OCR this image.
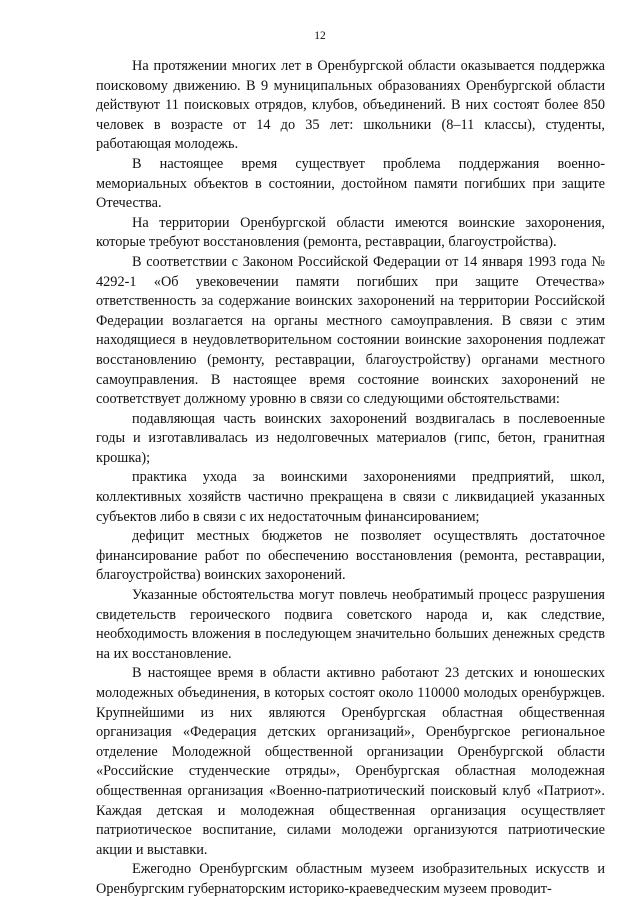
12

На протяжении многих лет в Оренбургской области оказывается поддержка поисковому движению. В 9 муниципальных образованиях Оренбургской области действуют 11 поисковых отрядов, клубов, объединений. В них состоят более 850 человек в возрасте от 14 до 35 лет: школьники (8–11 классы), студенты, работающая молодежь.

В настоящее время существует проблема поддержания военно-мемориальных объектов в состоянии, достойном памяти погибших при защите Отечества.

На территории Оренбургской области имеются воинские захоронения, которые требуют восстановления (ремонта, реставрации, благоустройства).

В соответствии с Законом Российской Федерации от 14 января 1993 года № 4292-1 «Об увековечении памяти погибших при защите Отечества» ответственность за содержание воинских захоронений на территории Российской Федерации возлагается на органы местного самоуправления. В связи с этим находящиеся в неудовлетворительном состоянии воинские захоронения подлежат восстановлению (ремонту, реставрации, благоустройству) органами местного самоуправления. В настоящее время состояние воинских захоронений не соответствует должному уровню в связи со следующими обстоятельствами:

подавляющая часть воинских захоронений воздвигалась в послевоенные годы и изготавливалась из недолговечных материалов (гипс, бетон, гранитная крошка);

практика ухода за воинскими захоронениями предприятий, школ, коллективных хозяйств частично прекращена в связи с ликвидацией указанных субъектов либо в связи с их недостаточным финансированием;

дефицит местных бюджетов не позволяет осуществлять достаточное финансирование работ по обеспечению восстановления (ремонта, реставрации, благоустройства) воинских захоронений.

Указанные обстоятельства могут повлечь необратимый процесс разрушения свидетельств героического подвига советского народа и, как следствие, необходимость вложения в последующем значительно больших денежных средств на их восстановление.

В настоящее время в области активно работают 23 детских и юношеских молодежных объединения, в которых состоят около 110000 молодых оренбуржцев. Крупнейшими из них являются Оренбургская областная общественная организация «Федерация детских организаций», Оренбургское региональное отделение Молодежной общественной организации Оренбургской области «Российские студенческие отряды», Оренбургская областная молодежная общественная организация «Военно-патриотический поисковый клуб «Патриот». Каждая детская и молодежная общественная организация осуществляет патриотическое воспитание, силами молодежи организуются патриотические акции и выставки.

Ежегодно Оренбургским областным музеем изобразительных искусств и Оренбургским губернаторским историко-краеведческим музеем проводит-
